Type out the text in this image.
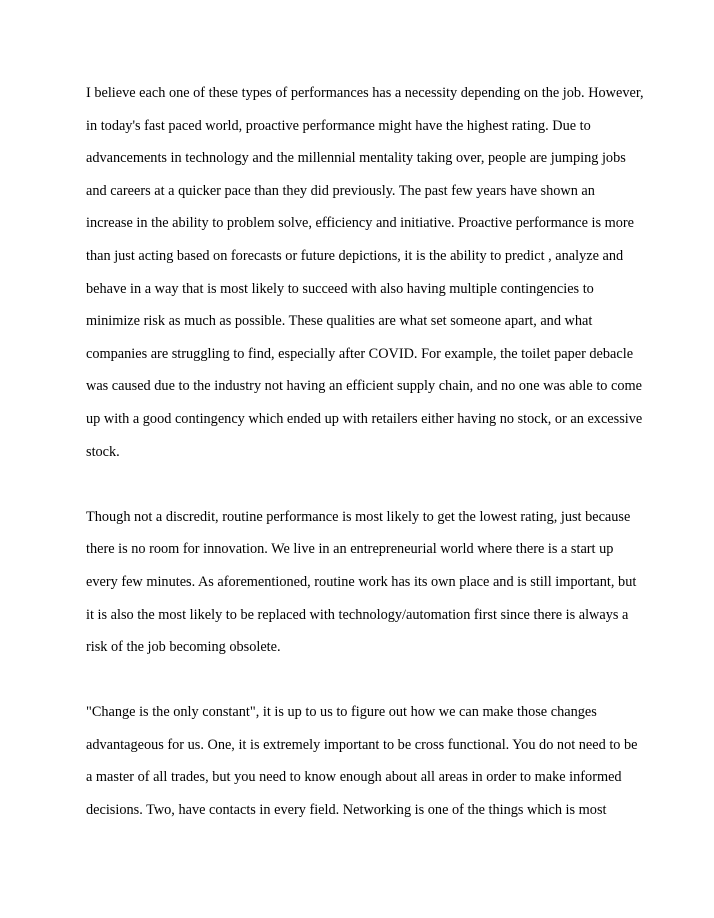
I believe each one of these types of performances has a necessity depending on the job. However,
in today's fast paced world, proactive performance might have the highest rating. Due to
advancements in technology and the millennial mentality taking over, people are jumping jobs
and careers at a quicker pace than they did previously. The past few years have shown an
increase in the ability to problem solve, efficiency and initiative. Proactive performance is more
than just acting based on forecasts or future depictions, it is the ability to predict , analyze and
behave in a way that is most likely to succeed with also having multiple contingencies to
minimize risk as much as possible. These qualities are what set someone apart, and what
companies are struggling to find, especially after COVID. For example, the toilet paper debacle
was caused due to the industry not having an efficient supply chain, and no one was able to come
up with a good contingency which ended up with retailers either having no stock, or an excessive
stock.
Though not a discredit, routine performance is most likely to get the lowest rating, just because
there is no room for innovation. We live in an entrepreneurial world where there is a start up
every few minutes. As aforementioned, routine work has its own place and is still important, but
it is also the most likely to be replaced with technology/automation first since there is always a
risk of the job becoming obsolete.
"Change is the only constant", it is up to us to figure out how we can make those changes
advantageous for us. One, it is extremely important to be cross functional. You do not need to be
a master of all trades, but you need to know enough about all areas in order to make informed
decisions. Two, have contacts in every field. Networking is one of the things which is most
